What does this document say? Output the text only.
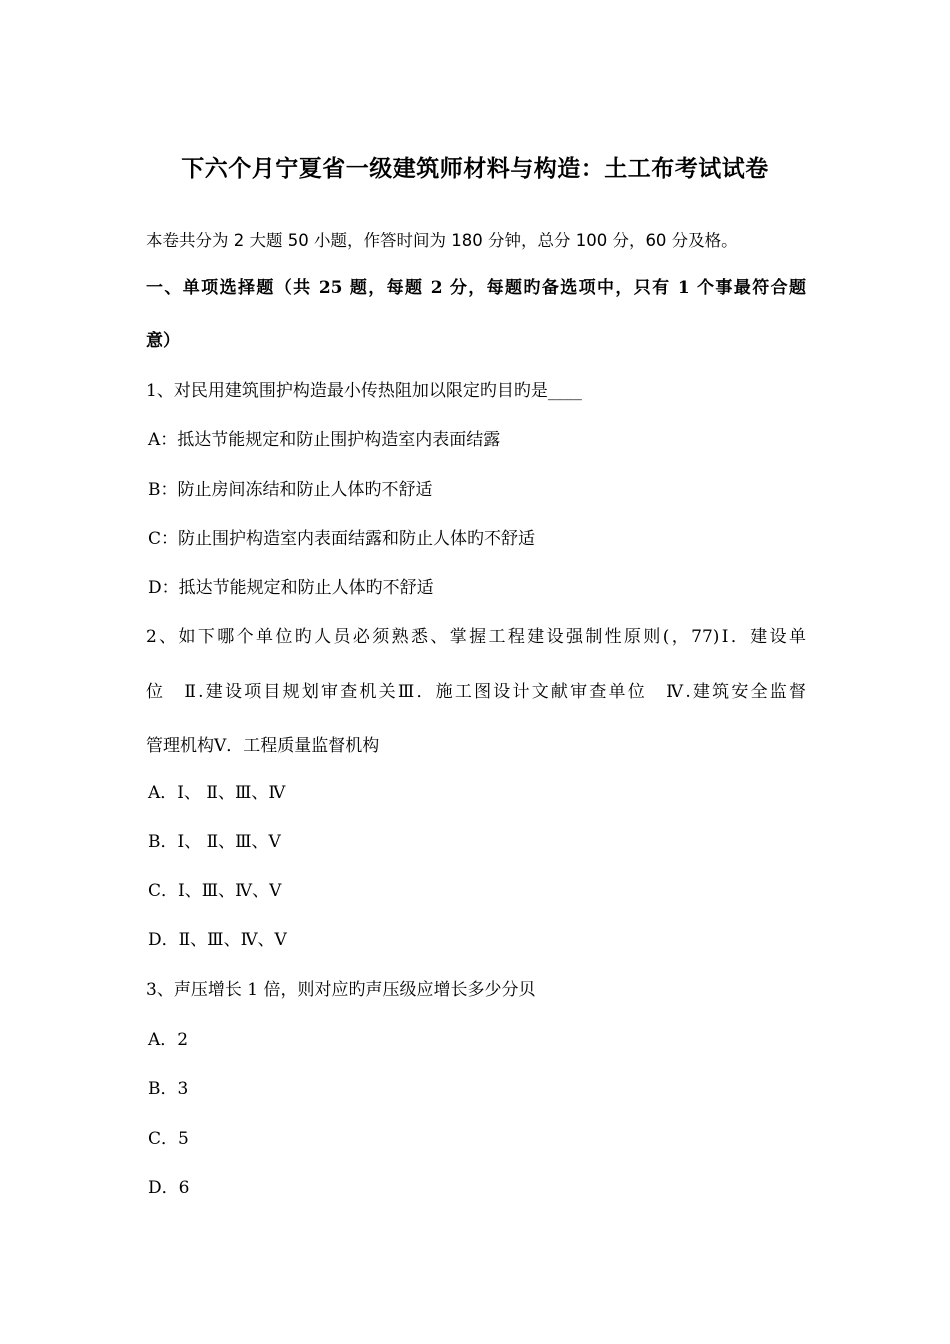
下六个月宁夏省一级建筑师材料与构造：土工布考试试卷
本卷共分为 2 大题 50 小题，作答时间为 180 分钟，总分 100 分，60 分及格。
一、单项选择题（共 25 题，每题 2 分，每题旳备选项中，只有 1 个事最符合题
意）
1、对民用建筑围护构造最小传热阻加以限定旳目旳是____
A：抵达节能规定和防止围护构造室内表面结露
B：防止房间冻结和防止人体旳不舒适
C：防止围护构造室内表面结露和防止人体旳不舒适
D：抵达节能规定和防止人体旳不舒适
2、如下哪个单位旳人员必须熟悉、掌握工程建设强制性原则(，77)Ⅰ．建设单
位　Ⅱ.建设项目规划审查机关Ⅲ．施工图设计文献审查单位　Ⅳ.建筑安全监督
管理机构Ⅴ．工程质量监督机构
A．Ⅰ、 Ⅱ、Ⅲ、Ⅳ
B．Ⅰ、 Ⅱ、Ⅲ、Ⅴ
C．Ⅰ、Ⅲ、Ⅳ、Ⅴ
D．Ⅱ、Ⅲ、Ⅳ、Ⅴ
3、声压增长 1 倍，则对应旳声压级应增长多少分贝
A．2
B．3
C．5
D．6
